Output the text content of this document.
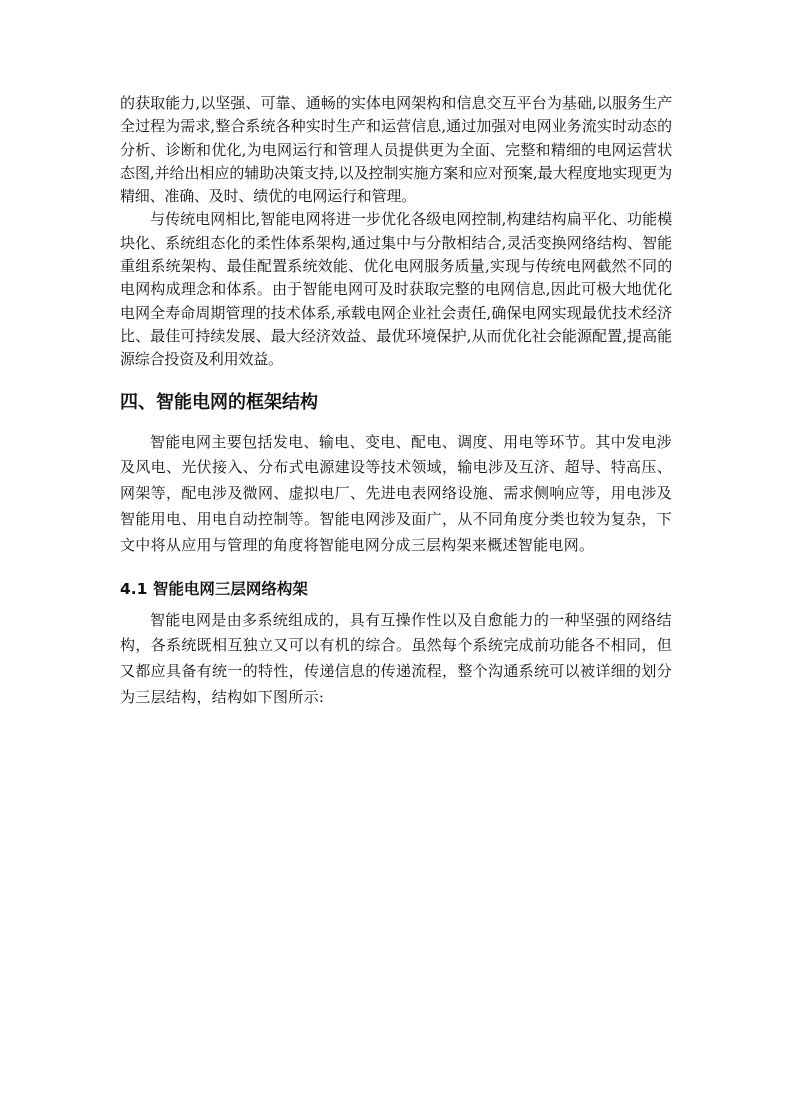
的获取能力,以坚强、可靠、通畅的实体电网架构和信息交互平台为基础,以服务生产全过程为需求,整合系统各种实时生产和运营信息,通过加强对电网业务流实时动态的分析、诊断和优化,为电网运行和管理人员提供更为全面、完整和精细的电网运营状态图,并给出相应的辅助决策支持,以及控制实施方案和应对预案,最大程度地实现更为精细、准确、及时、绩优的电网运行和管理。

与传统电网相比,智能电网将进一步优化各级电网控制,构建结构扁平化、功能模块化、系统组态化的柔性体系架构,通过集中与分散相结合,灵活变换网络结构、智能重组系统架构、最佳配置系统效能、优化电网服务质量,实现与传统电网截然不同的电网构成理念和体系。由于智能电网可及时获取完整的电网信息,因此可极大地优化电网全寿命周期管理的技术体系,承载电网企业社会责任,确保电网实现最优技术经济比、最佳可持续发展、最大经济效益、最优环境保护,从而优化社会能源配置,提高能源综合投资及利用效益。

四、智能电网的框架结构

智能电网主要包括发电、输电、变电、配电、调度、用电等环节。其中发电涉及风电、光伏接入、分布式电源建设等技术领域，输电涉及互济、超导、特高压、网架等，配电涉及微网、虚拟电厂、先进电表网络设施、需求侧响应等，用电涉及智能用电、用电自动控制等。智能电网涉及面广，从不同角度分类也较为复杂，下文中将从应用与管理的角度将智能电网分成三层构架来概述智能电网。

4.1 智能电网三层网络构架

智能电网是由多系统组成的，具有互操作性以及自愈能力的一种坚强的网络结构，各系统既相互独立又可以有机的综合。虽然每个系统完成前功能各不相同，但又都应具备有统一的特性，传递信息的传递流程，整个沟通系统可以被详细的划分为三层结构，结构如下图所示:
